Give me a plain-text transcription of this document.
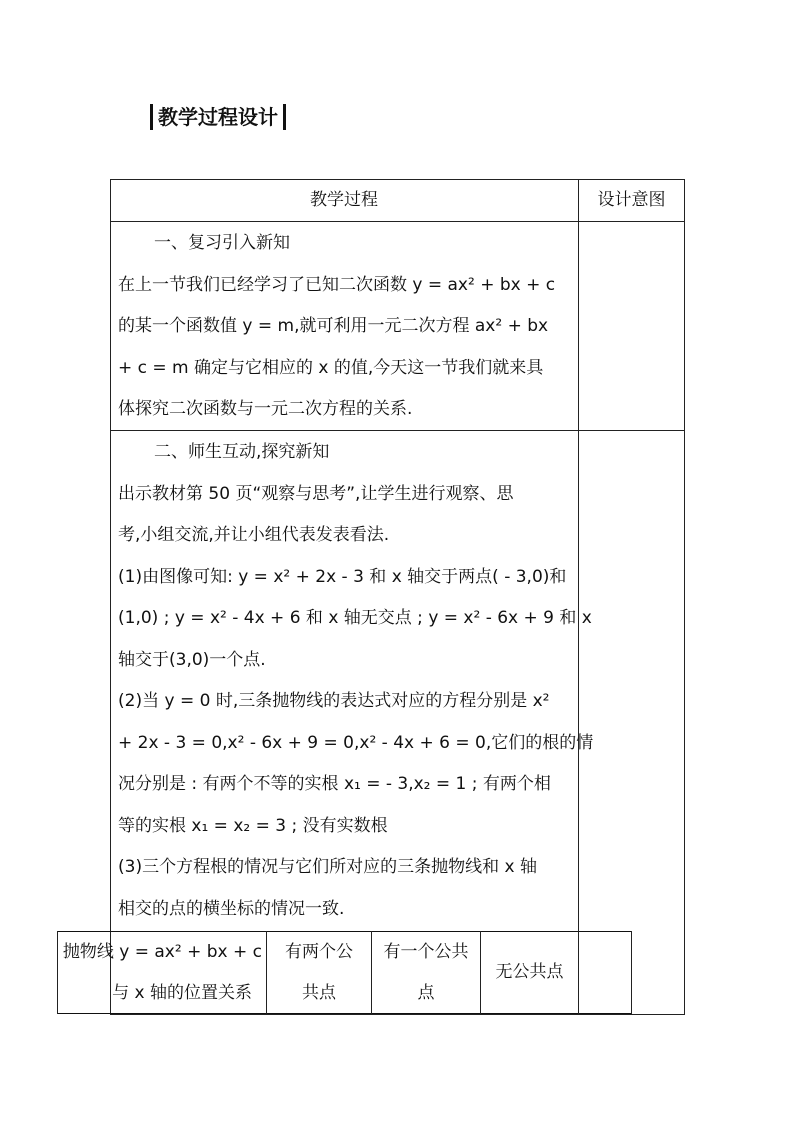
教学过程设计
教学过程	设计意图
一、复习引入新知
在上一节我们已经学习了已知二次函数 y = ax² + bx + c
的某一个函数值 y = m,就可利用一元二次方程 ax² + bx
+ c = m 确定与它相应的 x 的值,今天这一节我们就来具
体探究二次函数与一元二次方程的关系.
二、师生互动,探究新知
出示教材第 50 页“观察与思考”,让学生进行观察、思
考,小组交流,并让小组代表发表看法.
(1)由图像可知: y = x² + 2x - 3 和 x 轴交于两点( - 3,0)和
(1,0) ; y = x² - 4x + 6 和 x 轴无交点 ; y = x² - 6x + 9 和 x
轴交于(3,0)一个点.
(2)当 y = 0 时,三条抛物线的表达式对应的方程分别是 x²
+ 2x - 3 = 0,x² - 6x + 9 = 0,x² - 4x + 6 = 0,它们的根的情
况分别是 : 有两个不等的实根 x₁ = - 3,x₂ = 1 ; 有两个相
等的实根 x₁ = x₂ = 3 ; 没有实数根
(3)三个方程根的情况与它们所对应的三条抛物线和 x 轴
相交的点的横坐标的情况一致.
抛物线 y = ax² + bx + c
与 x 轴的位置关系
有两个公
共点
有一个公共
点
无公共点
